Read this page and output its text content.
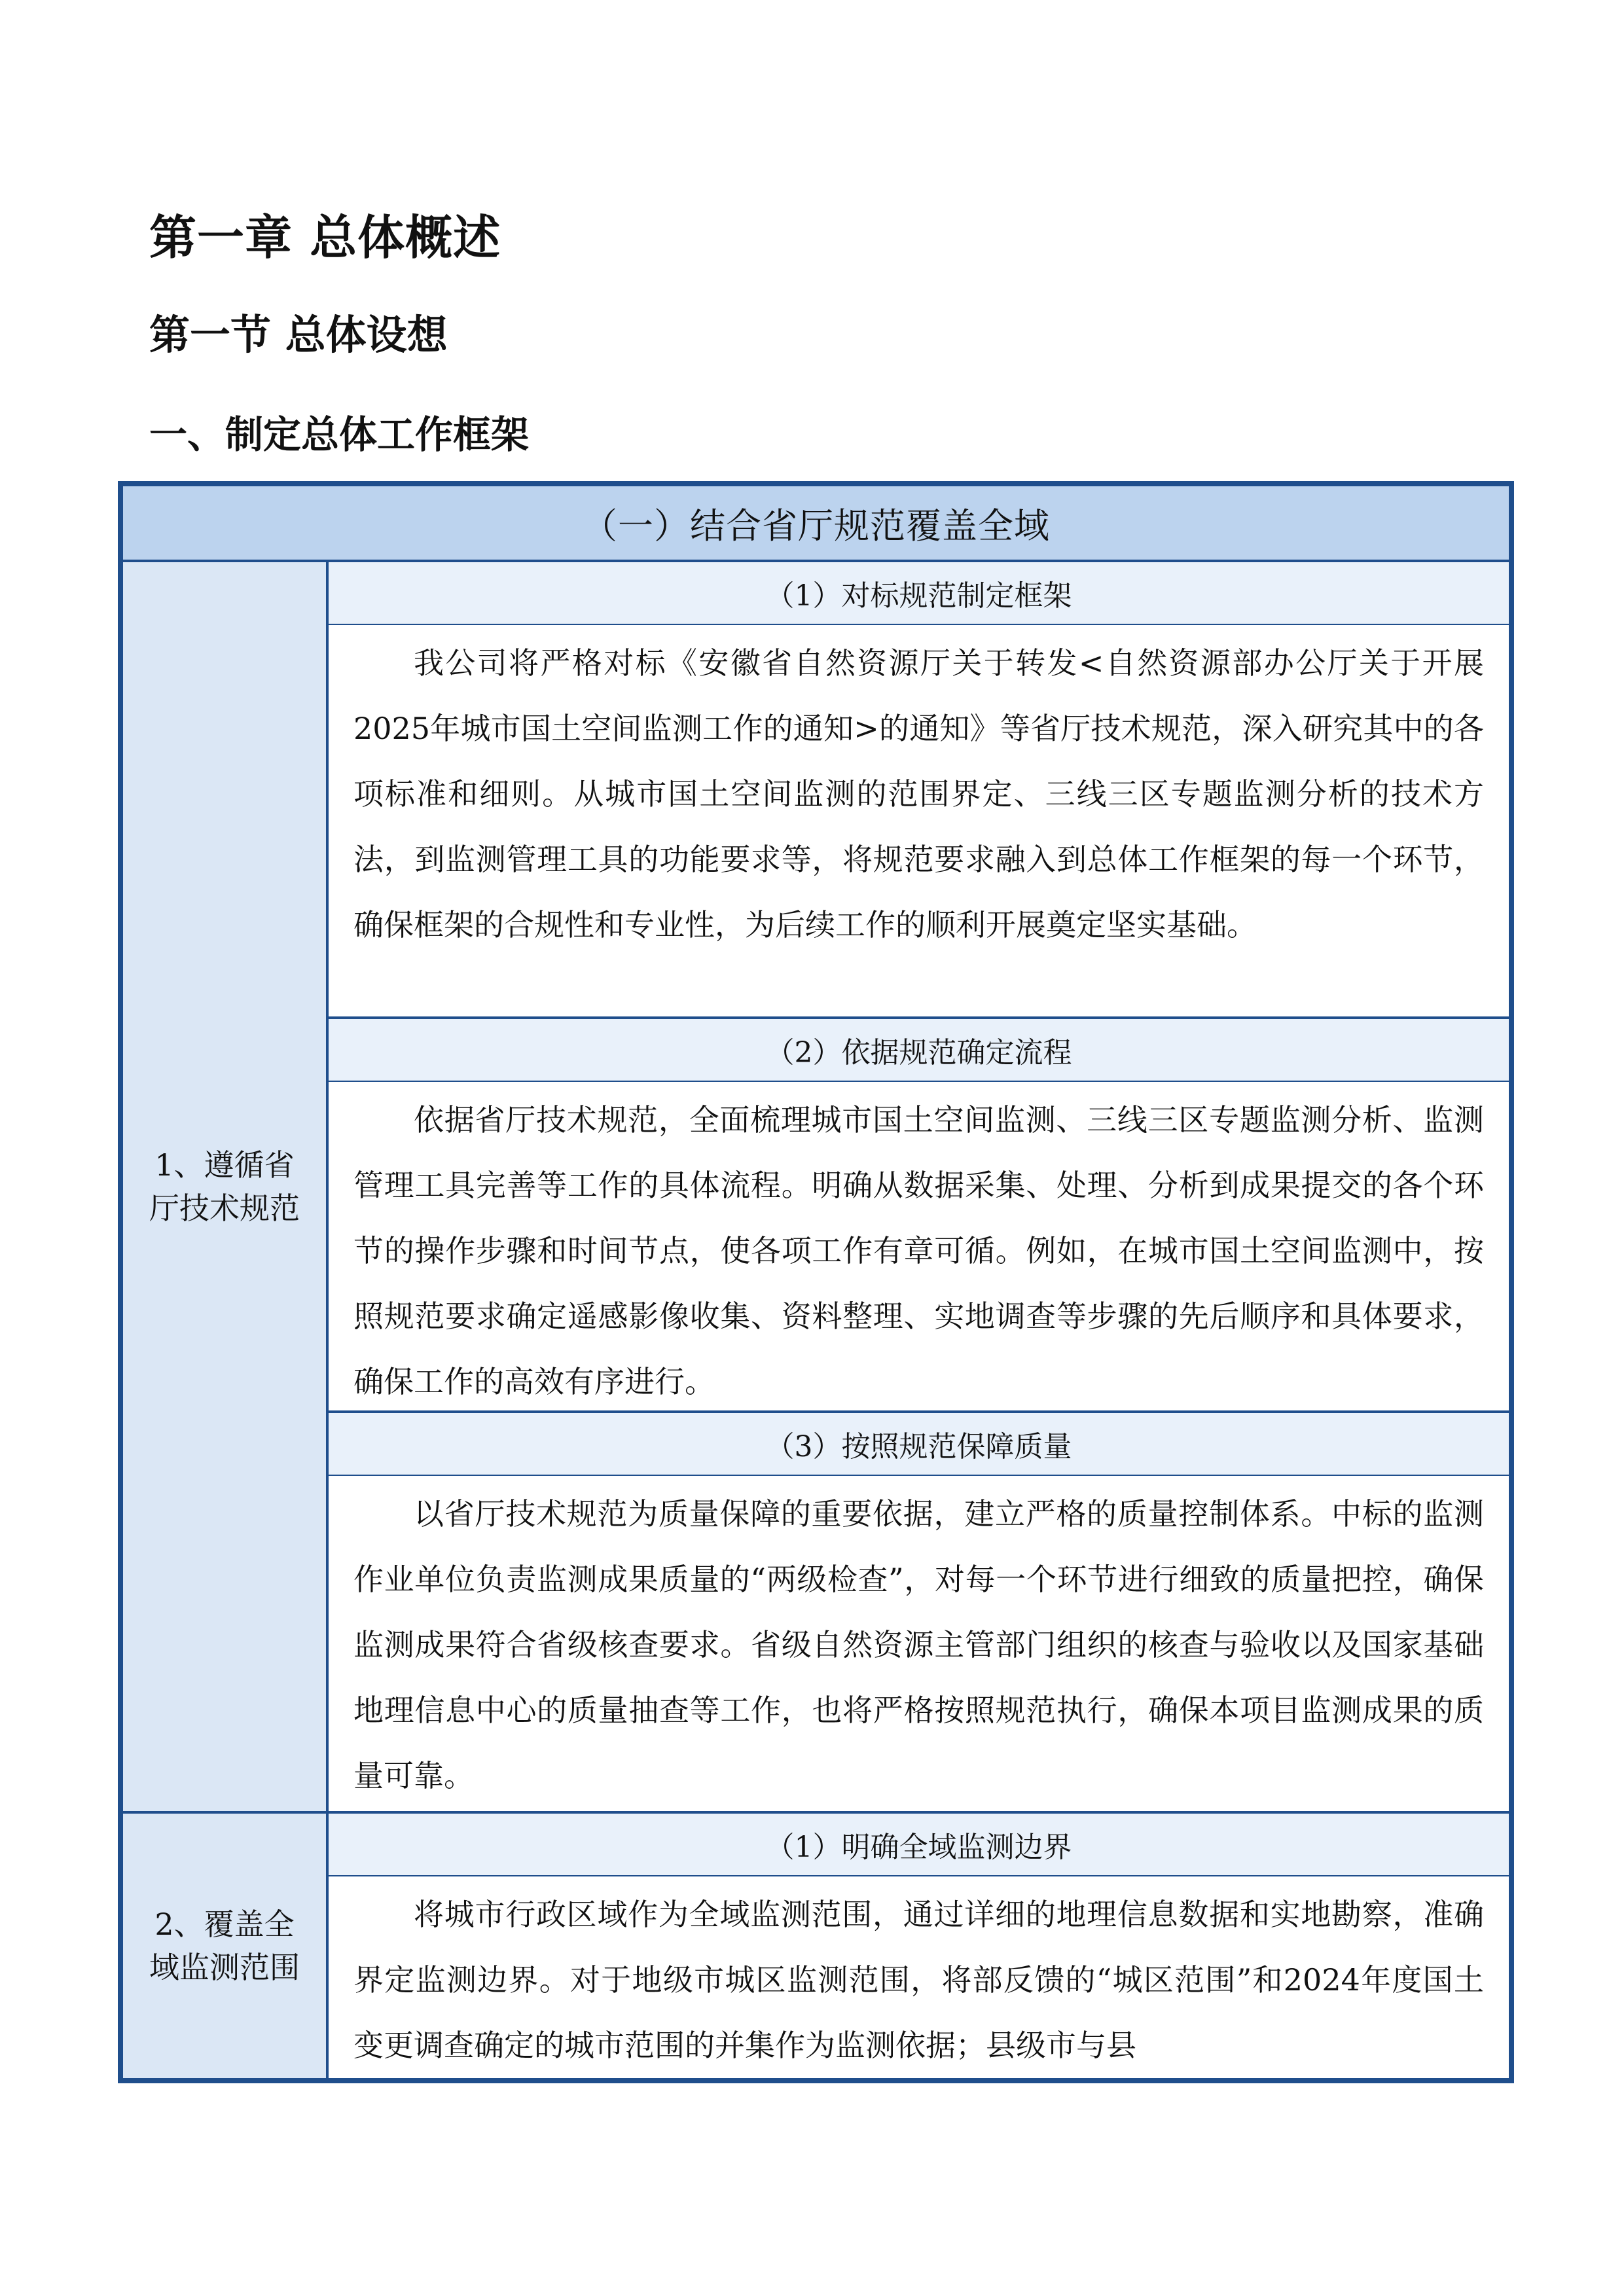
第一章 总体概述
第一节 总体设想
一、制定总体工作框架
（一）结合省厅规范覆盖全域
1、遵循省厅技术规范
（1）对标规范制定框架
我公司将严格对标《安徽省自然资源厅关于转发<自然资源部办公厅关于开展2025年城市国土空间监测工作的通知>的通知》等省厅技术规范，深入研究其中的各项标准和细则。从城市国土空间监测的范围界定、三线三区专题监测分析的技术方法，到监测管理工具的功能要求等，将规范要求融入到总体工作框架的每一个环节，确保框架的合规性和专业性，为后续工作的顺利开展奠定坚实基础。
（2）依据规范确定流程
依据省厅技术规范，全面梳理城市国土空间监测、三线三区专题监测分析、监测管理工具完善等工作的具体流程。明确从数据采集、处理、分析到成果提交的各个环节的操作步骤和时间节点，使各项工作有章可循。例如，在城市国土空间监测中，按照规范要求确定遥感影像收集、资料整理、实地调查等步骤的先后顺序和具体要求，确保工作的高效有序进行。
（3）按照规范保障质量
以省厅技术规范为质量保障的重要依据，建立严格的质量控制体系。中标的监测作业单位负责监测成果质量的“两级检查”，对每一个环节进行细致的质量把控，确保监测成果符合省级核查要求。省级自然资源主管部门组织的核查与验收以及国家基础地理信息中心的质量抽查等工作，也将严格按照规范执行，确保本项目监测成果的质量可靠。
2、覆盖全域监测范围
（1）明确全域监测边界
将城市行政区域作为全域监测范围，通过详细的地理信息数据和实地勘察，准确界定监测边界。对于地级市城区监测范围，将部反馈的“城区范围”和2024年度国土变更调查确定的城市范围的并集作为监测依据；县级市与县
